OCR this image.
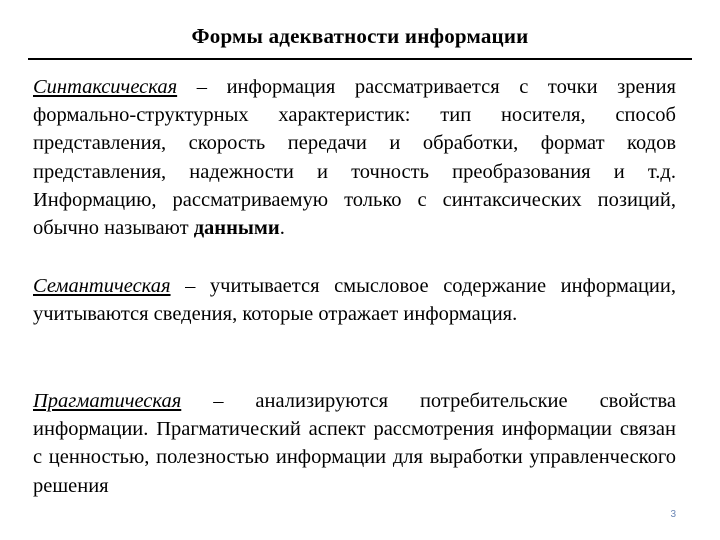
Формы адекватности информации
Синтаксическая – информация рассматривается с точки зрения формально-структурных характеристик: тип носителя, способ представления, скорость передачи и обработки, формат кодов представления, надежности и точность преобразования и т.д. Информацию, рассматриваемую только с синтаксических позиций, обычно называют данными.
Семантическая – учитывается смысловое содержание информации, учитываются сведения, которые отражает информация.
Прагматическая – анализируются потребительские свойства информации. Прагматический аспект рассмотрения информации связан с ценностью, полезностью информации для выработки управленческого решения
3
